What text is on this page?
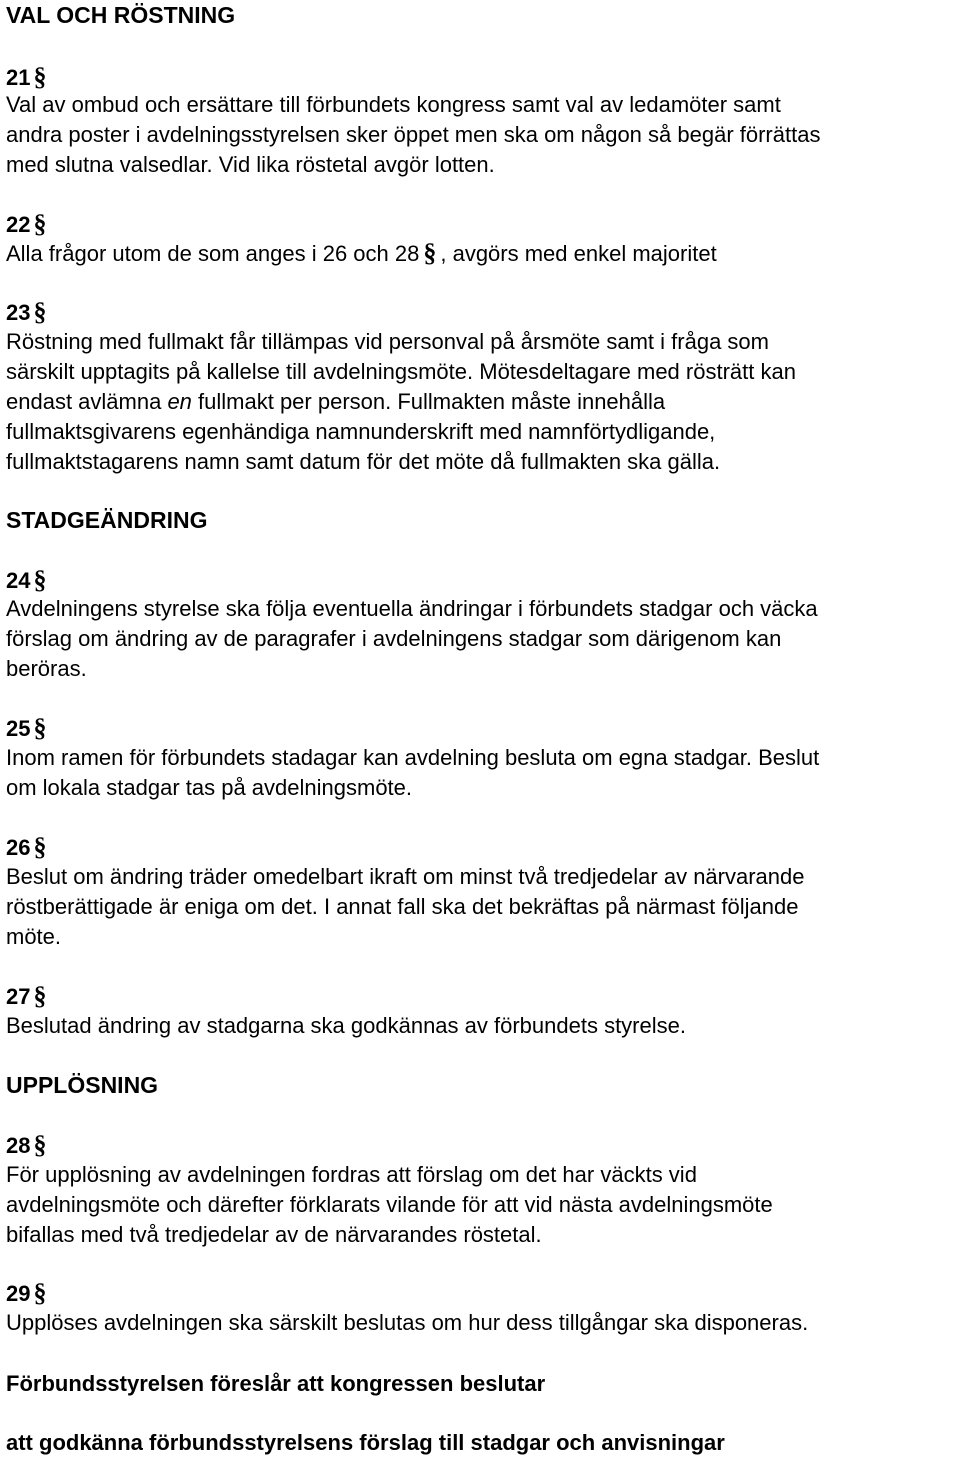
VAL OCH RÖSTNING
21 §
Val av ombud och ersättare till förbundets kongress samt val av ledamöter samt
andra poster i avdelningsstyrelsen sker öppet men ska om någon så begär förrättas
med slutna valsedlar. Vid lika röstetal avgör lotten.
22 §
Alla frågor utom de som anges i 26 och 28 § , avgörs med enkel majoritet
23 §
Röstning med fullmakt får tillämpas vid personval på årsmöte samt i fråga som
särskilt upptagits på kallelse till avdelningsmöte. Mötesdeltagare med rösträtt kan
endast avlämna en fullmakt per person. Fullmakten måste innehålla
fullmaktsgivarens egenhändiga namnunderskrift med namnförtydligande,
fullmaktstagarens namn samt datum för det möte då fullmakten ska gälla.
STADGEÄNDRING
24 §
Avdelningens styrelse ska följa eventuella ändringar i förbundets stadgar och väcka
förslag om ändring av de paragrafer i avdelningens stadgar som därigenom kan
beröras.
25 §
Inom ramen för förbundets stadagar kan avdelning besluta om egna stadgar. Beslut
om lokala stadgar tas på avdelningsmöte.
26 §
Beslut om ändring träder omedelbart ikraft om minst två tredjedelar av närvarande
röstberättigade är eniga om det. I annat fall ska det bekräftas på närmast följande
möte.
27 §
Beslutad ändring av stadgarna ska godkännas av förbundets styrelse.
UPPLÖSNING
28 §
För upplösning av avdelningen fordras att förslag om det har väckts vid
avdelningsmöte och därefter förklarats vilande för att vid nästa avdelningsmöte
bifallas med två tredjedelar av de närvarandes röstetal.
29 §
Upplöses avdelningen ska särskilt beslutas om hur dess tillgångar ska disponeras.
Förbundsstyrelsen föreslår att kongressen beslutar
att godkänna förbundsstyrelsens förslag till stadgar och anvisningar
